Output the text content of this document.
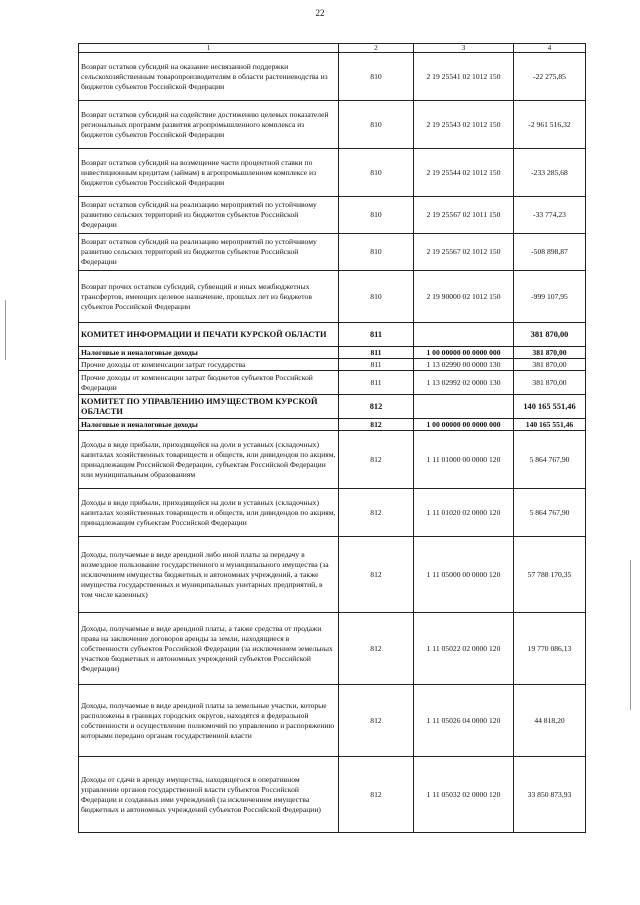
22
1	2	3	4
Возврат остатков субсидий на оказание несвязанной поддержки сельскохозяйственным товаропроизводителям в области растениеводства из бюджетов субъектов Российской Федерации	810	2 19 25541 02 1012 150	-22 275,85
Возврат остатков субсидий на содействие достижению целевых показателей региональных программ развития агропромышленного комплекса из бюджетов субъектов Российской Федерации	810	2 19 25543 02 1012 150	-2 961 516,32
Возврат остатков субсидий на возмещение части процентной ставки по инвестиционным кредитам (займам) в агропромышленном комплексе из бюджетов субъектов Российской Федерации	810	2 19 25544 02 1012 150	-233 285,68
Возврат остатков субсидий на реализацию мероприятий по устойчивому развитию сельских территорий из бюджетов субъектов Российской Федерации	810	2 19 25567 02 1011 150	-33 774,23
Возврат остатков субсидий на реализацию мероприятий по устойчивому развитию сельских территорий из бюджетов субъектов Российской Федерации	810	2 19 25567 02 1012 150	-508 898,87
Возврат прочих остатков субсидий, субвенций и иных межбюджетных трансфертов, имеющих целевое назначение, прошлых лет из бюджетов субъектов Российской Федерации	810	2 19 90000 02 1012 150	-999 107,95
КОМИТЕТ ИНФОРМАЦИИ И ПЕЧАТИ КУРСКОЙ ОБЛАСТИ	811		381 870,00
Налоговые и неналоговые доходы	811	1 00 00000 00 0000 000	381 870,00
Прочие доходы от компенсации затрат государства	811	1 13 02990 00 0000 130	381 870,00
Прочие доходы от компенсации затрат бюджетов субъектов Российской Федерации	811	1 13 02992 02 0000 130	381 870,00
КОМИТЕТ ПО УПРАВЛЕНИЮ ИМУЩЕСТВОМ КУРСКОЙ ОБЛАСТИ	812		140 165 551,46
Налоговые и неналоговые доходы	812	1 00 00000 00 0000 000	140 165 551,46
Доходы в виде прибыли, приходящейся на доли в уставных (складочных) капиталах хозяйственных товариществ и обществ, или дивидендов по акциям, принадлежащим Российской Федерации, субъектам Российской Федерации или муниципальным образованиям	812	1 11 01000 00 0000 120	5 864 767,90
Доходы в виде прибыли, приходящейся на доли в уставных (складочных) капиталах хозяйственных товариществ и обществ, или дивидендов по акциям, принадлежащим субъектам Российской Федерации	812	1 11 01020 02 0000 120	5 864 767,90
Доходы, получаемые в виде арендной либо иной платы за передачу в возмездное пользование государственного и муниципального имущества (за исключением имущества бюджетных и автономных учреждений, а также имущества государственных и муниципальных унитарных предприятий, в том числе казенных)	812	1 11 05000 00 0000 120	57 788 170,35
Доходы, получаемые в виде арендной платы, а также средства от продажи права на заключение договоров аренды за земли, находящиеся в собственности субъектов Российской Федерации (за исключением земельных участков бюджетных и автономных учреждений субъектов Российской Федерации)	812	1 11 05022 02 0000 120	19 770 086,13
Доходы, получаемые в виде арендной платы за земельные участки, которые расположены в границах городских округов, находятся в федеральной собственности и осуществление полномочий по управлению и распоряжению которыми передано органам государственной власти	812	1 11 05026 04 0000 120	44 818,20
Доходы от сдачи в аренду имущества, находящегося в оперативном управлении органов государственной власти субъектов Российской Федерации и созданных ими учреждений (за исключением имущества бюджетных и автономных учреждений субъектов Российской Федерации)	812	1 11 05032 02 0000 120	33 850 873,93
